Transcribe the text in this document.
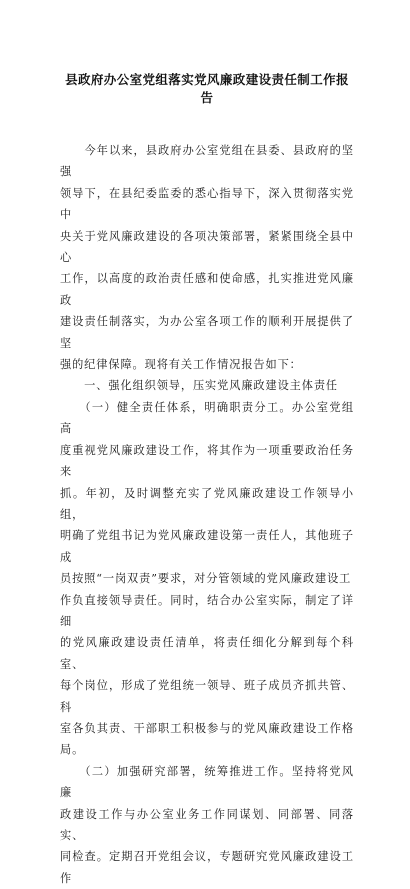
县政府办公室党组落实党风廉政建设责任制工作报告

　　今年以来，县政府办公室党组在县委、县政府的坚强
领导下，在县纪委监委的悉心指导下，深入贯彻落实党中
央关于党风廉政建设的各项决策部署，紧紧围绕全县中心
工作，以高度的政治责任感和使命感，扎实推进党风廉政
建设责任制落实，为办公室各项工作的顺利开展提供了坚
强的纪律保障。现将有关工作情况报告如下：

　　一、强化组织领导，压实党风廉政建设主体责任

　　（一）健全责任体系，明确职责分工。办公室党组高
度重视党风廉政建设工作，将其作为一项重要政治任务来
抓。年初，及时调整充实了党风廉政建设工作领导小组，
明确了党组书记为党风廉政建设第一责任人，其他班子成
员按照“一岗双责”要求，对分管领域的党风廉政建设工
作负直接领导责任。同时，结合办公室实际，制定了详细
的党风廉政建设责任清单，将责任细化分解到每个科室、
每个岗位，形成了党组统一领导、班子成员齐抓共管、科
室各负其责、干部职工积极参与的党风廉政建设工作格局。

　　（二）加强研究部署，统筹推进工作。坚持将党风廉
政建设工作与办公室业务工作同谋划、同部署、同落实、
同检查。定期召开党组会议，专题研究党风廉政建设工作
